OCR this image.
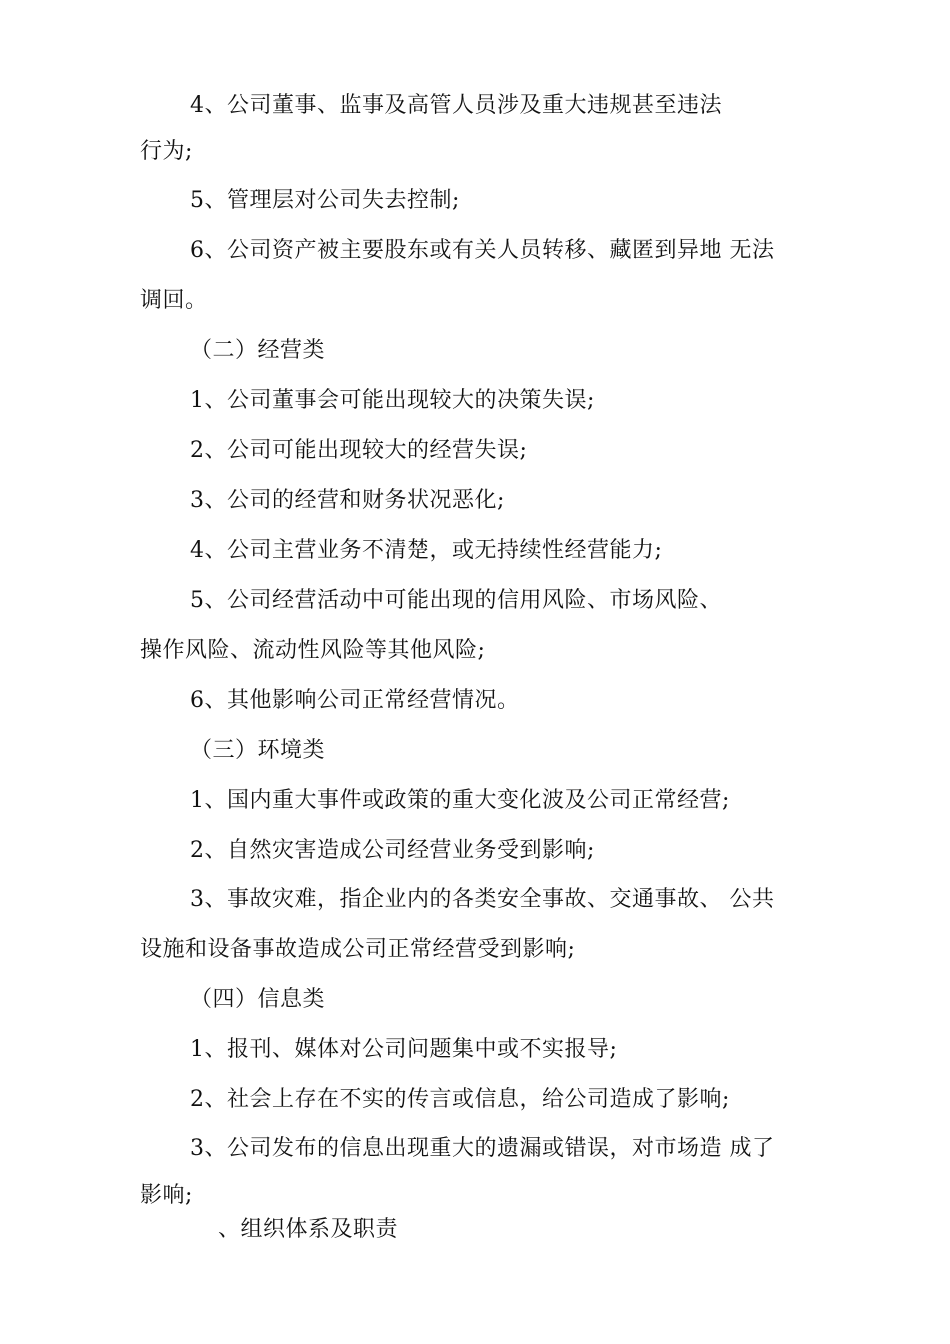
4、公司董事、监事及高管人员涉及重大违规甚至违法
行为;
5、管理层对公司失去控制;
6、公司资产被主要股东或有关人员转移、藏匿到异地 无法
调回。
（二）经营类
1、公司董事会可能出现较大的决策失误;
2、公司可能出现较大的经营失误;
3、公司的经营和财务状况恶化;
4、公司主营业务不清楚，或无持续性经营能力;
5、公司经营活动中可能出现的信用风险、市场风险、
操作风险、流动性风险等其他风险;
6、其他影响公司正常经营情况。
（三）环境类
1、国内重大事件或政策的重大变化波及公司正常经营;
2、自然灾害造成公司经营业务受到影响;
3、事故灾难，指企业内的各类安全事故、交通事故、 公共
设施和设备事故造成公司正常经营受到影响;
（四）信息类
1、报刊、媒体对公司问题集中或不实报导;
2、社会上存在不实的传言或信息，给公司造成了影响;
3、公司发布的信息出现重大的遗漏或错误，对市场造 成了
影响;
、组织体系及职责
